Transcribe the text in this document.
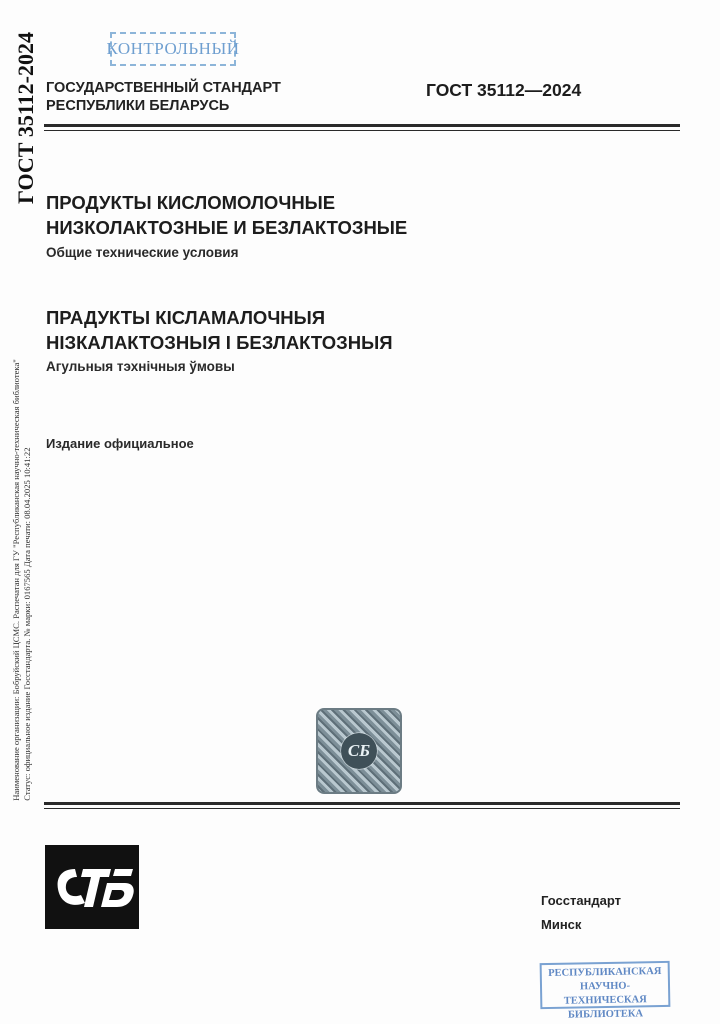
ГОСТ 35112-2024
Наименование организации: Бобруйский ЦСМС. Распечатан для ГУ "Республиканская научно-техническая библиотека" Статус: официальное издание Госстандарта. № марки: 0167565 Дата печати: 08.04.2025 10:41:22
КОНТРОЛЬНЫЙ
ГОСУДАРСТВЕННЫЙ СТАНДАРТ
РЕСПУБЛИКИ БЕЛАРУСЬ
ГОСТ 35112—2024
ПРОДУКТЫ КИСЛОМОЛОЧНЫЕ
НИЗКОЛАКТОЗНЫЕ И БЕЗЛАКТОЗНЫЕ
Общие технические условия
ПРАДУКТЫ КІСЛАМАЛОЧНЫЯ
НІЗКАЛАКТОЗНЫЯ І БЕЗЛАКТОЗНЫЯ
Агульныя тэхнічныя ўмовы
Издание официальное
СБ
Госстандарт
Минск
РЕСПУБЛИКАНСКАЯ
НАУЧНО-ТЕХНИЧЕСКАЯ
БИБЛИОТЕКА
